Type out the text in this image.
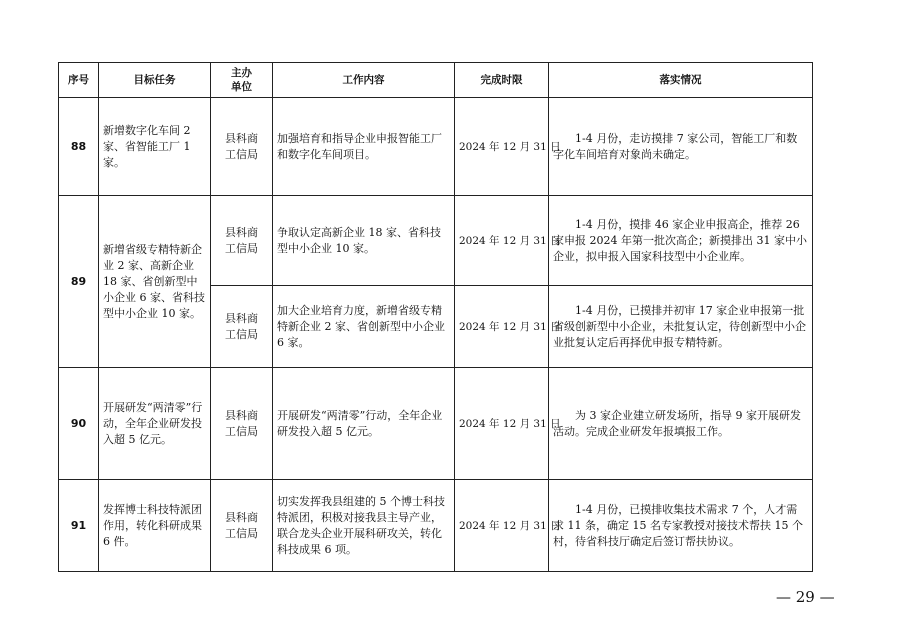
序号	目标任务	主办单位	工作内容	完成时限	落实情况
88	新增数字化车间 2 家、省智能工厂 1 家。	县科商工信局	加强培育和指导企业申报智能工厂和数字化车间项目。	2024 年 12 月 31 日	1-4 月份，走访摸排 7 家公司，智能工厂和数字化车间培育对象尚未确定。
89	新增省级专精特新企业 2 家、高新企业 18 家、省创新型中小企业 6 家、省科技型中小企业 10 家。	县科商工信局	争取认定高新企业 18 家、省科技型中小企业 10 家。	2024 年 12 月 31 日	1-4 月份，摸排 46 家企业申报高企，推荐 26 家申报 2024 年第一批次高企；新摸排出 31 家中小企业，拟申报入国家科技型中小企业库。
		县科商工信局	加大企业培育力度，新增省级专精特新企业 2 家、省创新型中小企业 6 家。	2024 年 12 月 31 日	1-4 月份，已摸排并初审 17 家企业申报第一批省级创新型中小企业，未批复认定，待创新型中小企业批复认定后再择优申报专精特新。
90	开展研发“两清零”行动，全年企业研发投入超 5 亿元。	县科商工信局	开展研发“两清零”行动，全年企业研发投入超 5 亿元。	2024 年 12 月 31 日	为 3 家企业建立研发场所，指导 9 家开展研发活动。完成企业研发年报填报工作。
91	发挥博士科技特派团作用，转化科研成果 6 件。	县科商工信局	切实发挥我县组建的 5 个博士科技特派团，积极对接我县主导产业，联合龙头企业开展科研攻关，转化科技成果 6 项。	2024 年 12 月 31 日	1-4 月份，已摸排收集技术需求 7 个，人才需求 11 条，确定 15 名专家教授对接技术帮扶 15 个村，待省科技厅确定后签订帮扶协议。
— 29 —
